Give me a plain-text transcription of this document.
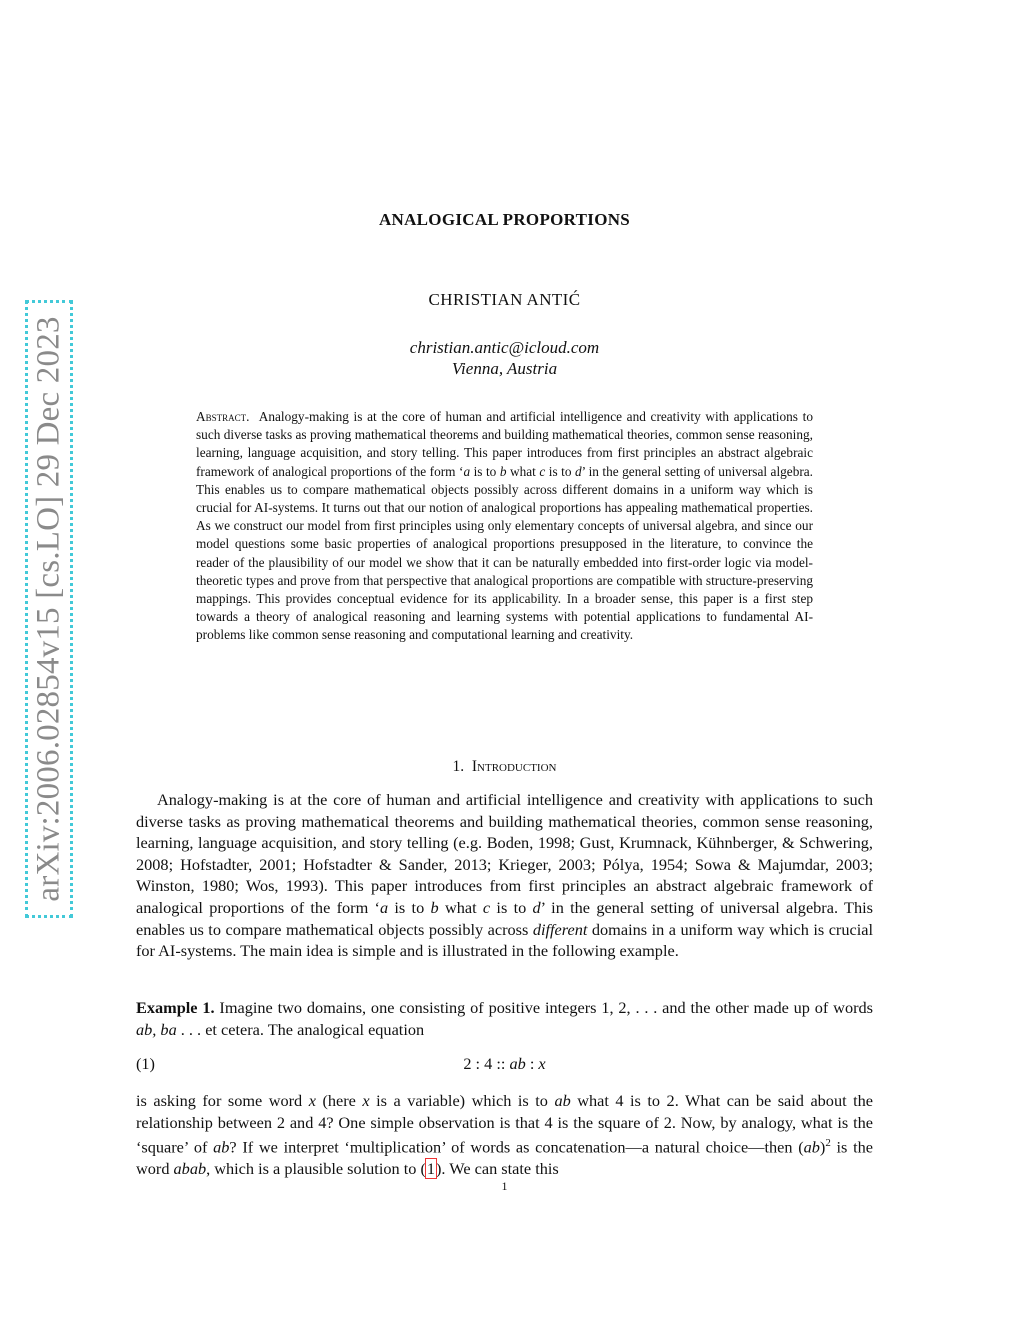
arXiv:2006.02854v15 [cs.LO] 29 Dec 2023
ANALOGICAL PROPORTIONS
CHRISTIAN ANTIĆ
christian.antic@icloud.com
Vienna, Austria
Abstract. Analogy-making is at the core of human and artificial intelligence and creativity with applications to such diverse tasks as proving mathematical theorems and building mathematical theories, common sense reasoning, learning, language acquisition, and story telling. This paper introduces from first principles an abstract algebraic framework of analogical proportions of the form ‘a is to b what c is to d’ in the general setting of universal algebra. This enables us to compare mathematical objects possibly across different domains in a uniform way which is crucial for AI-systems. It turns out that our notion of analogical proportions has appealing mathematical properties. As we construct our model from first principles using only elementary concepts of universal algebra, and since our model questions some basic properties of analogical proportions presupposed in the literature, to convince the reader of the plausibility of our model we show that it can be naturally embedded into first-order logic via model-theoretic types and prove from that perspective that analogical proportions are compatible with structure-preserving mappings. This provides conceptual evidence for its applicability. In a broader sense, this paper is a first step towards a theory of analogical reasoning and learning systems with potential applications to fundamental AI-problems like common sense reasoning and computational learning and creativity.
1. Introduction
Analogy-making is at the core of human and artificial intelligence and creativity with applications to such diverse tasks as proving mathematical theorems and building mathematical theories, common sense reasoning, learning, language acquisition, and story telling (e.g. Boden, 1998; Gust, Krumnack, Kühnberger, & Schwering, 2008; Hofstadter, 2001; Hofstadter & Sander, 2013; Krieger, 2003; Pólya, 1954; Sowa & Majumdar, 2003; Winston, 1980; Wos, 1993). This paper introduces from first principles an abstract algebraic framework of analogical proportions of the form ‘a is to b what c is to d’ in the general setting of universal algebra. This enables us to compare mathematical objects possibly across different domains in a uniform way which is crucial for AI-systems. The main idea is simple and is illustrated in the following example.
Example 1. Imagine two domains, one consisting of positive integers 1, 2, . . . and the other made up of words ab, ba . . . et cetera. The analogical equation
(1)	2 : 4 :: ab : x
is asking for some word x (here x is a variable) which is to ab what 4 is to 2. What can be said about the relationship between 2 and 4? One simple observation is that 4 is the square of 2. Now, by analogy, what is the ‘square’ of ab? If we interpret ‘multiplication’ of words as concatenation—a natural choice—then (ab)$^2$ is the word abab, which is a plausible solution to (1). We can state this
1
